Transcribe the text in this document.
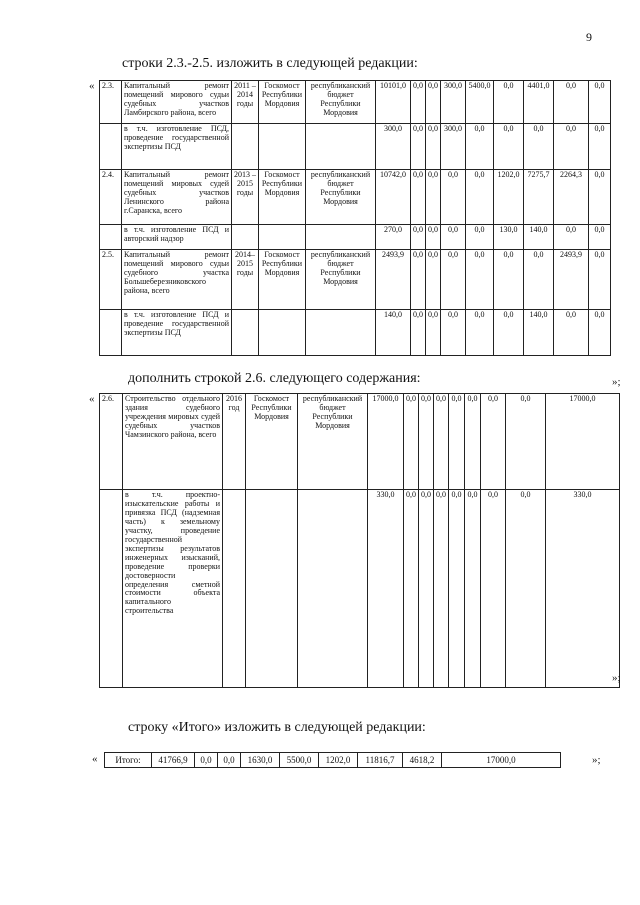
9
строки 2.3.-2.5. изложить в следующей редакции:
« 2.3.	Капитальный ремонт помещений мирового судьи судебных участков Ламбирского района, всего	2011 – 2014 годы	Госкомост Республики Мордовия	республиканский бюджет Республики Мордовия	10101,0	0,0	0,0	300,0	5400,0	0,0	4401,0	0,0	0,0
	в т.ч. изготовление ПСД, проведение государственной экспертизы ПСД				300,0	0,0	0,0	300,0	0,0	0,0	0,0	0,0	0,0
2.4.	Капитальный ремонт помещений мировых судей судебных участков Ленинского района г.Саранска, всего	2013 – 2015 годы	Госкомост Республики Мордовия	республиканский бюджет Республики Мордовия	10742,0	0,0	0,0	0,0	0,0	1202,0	7275,7	2264,3	0,0
	в т.ч. изготовление ПСД и авторский надзор				270,0	0,0	0,0	0,0	0,0	130,0	140,0	0,0	0,0
2.5.	Капитальный ремонт помещений мирового судьи судебного участка Большеберезниковского района, всего	2014– 2015 годы	Госкомост Республики Мордовия	республиканский бюджет Республики Мордовия	2493,9	0,0	0,0	0,0	0,0	0,0	0,0	2493,9	0,0
	в т.ч. изготовление ПСД и проведение государственной экспертизы ПСД				140,0	0,0	0,0	0,0	0,0	0,0	140,0	0,0	0,0
»;
дополнить строкой 2.6. следующего содержания:
« 2.6.	Строительство отдельного здания судебного учреждения мировых судей судебных участков Чамзинского района, всего	2016 год	Госкомост Республики Мордовия	республиканский бюджет Республики Мордовия	17000,0	0,0	0,0	0,0	0,0	0,0	0,0	0,0	17000,0
	в т.ч. проектно-изыскательские работы и привязка ПСД (надземная часть) к земельному участку, проведение государственной экспертизы результатов инженерных изысканий, проведение проверки достоверности определения сметной стоимости объекта капитального строительства				330,0	0,0	0,0	0,0	0,0	0,0	0,0	0,0	330,0
»;
строку «Итого» изложить в следующей редакции:
«	Итого:	41766,9	0,0	0,0	1630,0	5500,0	1202,0	11816,7	4618,2	17000,0	»;
